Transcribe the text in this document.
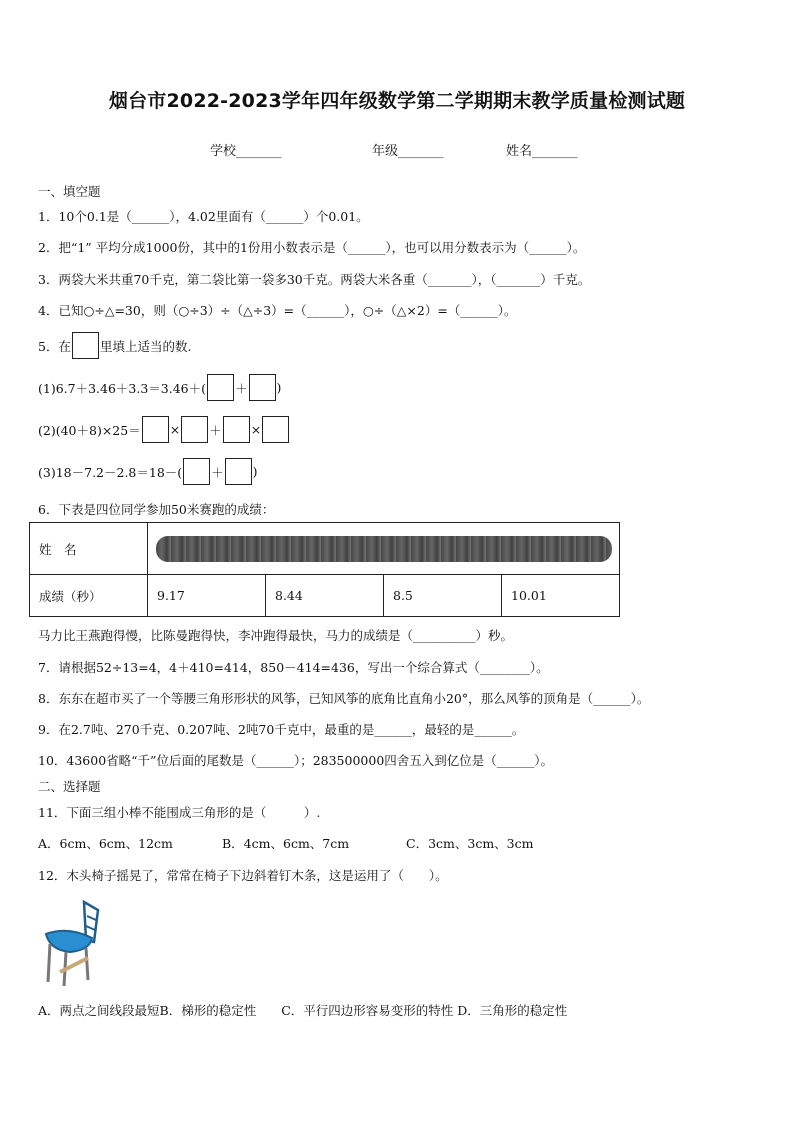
烟台市2022-2023学年四年级数学第二学期期末教学质量检测试题
学校_______	年级_______	姓名_______
一、填空题
1．10个0.1是（______），4.02里面有（______）个0.01。
2．把“1” 平均分成1000份，其中的1份用小数表示是（______），也可以用分数表示为（______）。
3．两袋大米共重70千克，第二袋比第一袋多30千克。两袋大米各重（_______），（_______）千克。
4．已知○÷△=30，则（○÷3）÷（△÷3）=（______），○÷（△×2）=（______）。
5．在 里填上适当的数.
(1)6.7＋3.46＋3.3＝3.46＋( ＋ )
(2)(40＋8)×25＝ × ＋ ×
(3)18－7.2－2.8＝18－( ＋ )
6．下表是四位同学参加50米赛跑的成绩：
姓　名				

成绩（秒）	9.17	8.44	8.5	10.01
马力比王燕跑得慢，比陈曼跑得快，李冲跑得最快，马力的成绩是（__________）秒。
7．请根据52÷13=4，4＋410=414，850－414=436，写出一个综合算式（________）。
8．东东在超市买了一个等腰三角形形状的风筝，已知风筝的底角比直角小20°，那么风筝的顶角是（______）。
9．在2.7吨、270千克、0.207吨、2吨70千克中，最重的是______，最轻的是______。
10．43600省略“千”位后面的尾数是（______）；283500000四舍五入到亿位是（______）。
二、选择题
11．下面三组小棒不能围成三角形的是（　　　）.
A．6cm、6cm、12cm	B．4cm、6cm、7cm	C．3cm、3cm、3cm
12．木头椅子摇晃了，常常在椅子下边斜着钉木条，这是运用了（　　）。
A．两点之间线段最短B．梯形的稳定性　　C．平行四边形容易变形的特性 D．三角形的稳定性
